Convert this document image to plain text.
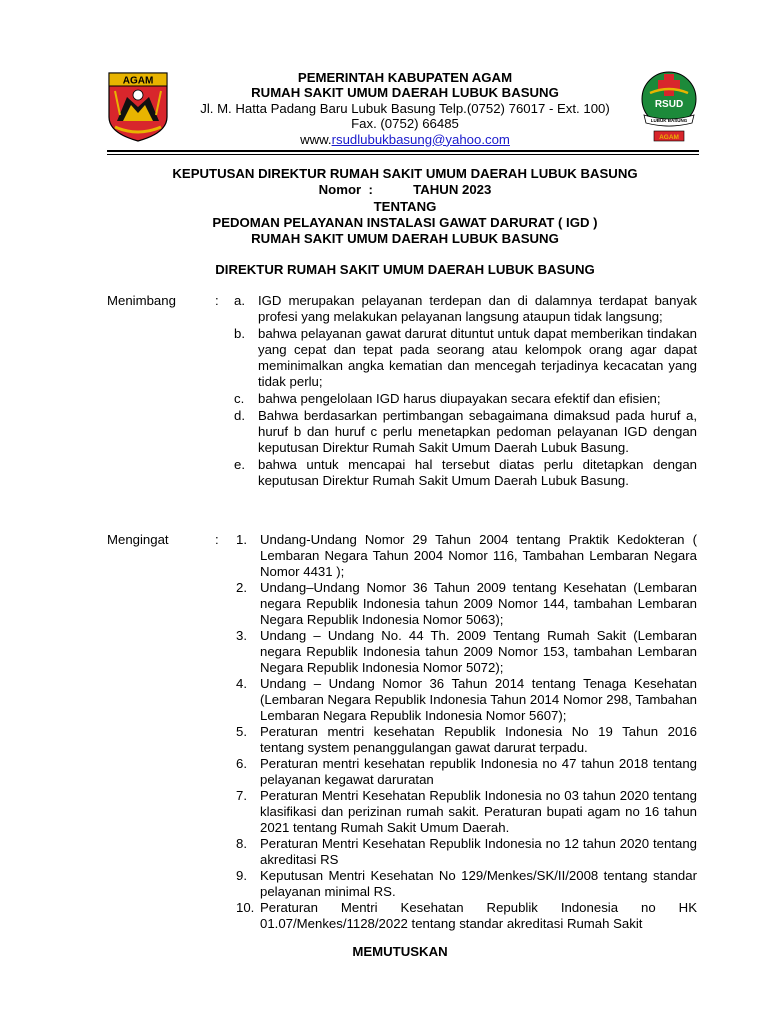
AGAM	PEMERINTAH KABUPATEN AGAM
RUMAH SAKIT UMUM DAERAH LUBUK BASUNG
Jl. M. Hatta Padang Baru Lubuk Basung Telp.(0752) 76017 - Ext. 100)
Fax. (0752) 66485
www.rsudlubukbasung@yahoo.com
RSUD
LUBUK BASUNG
AGAM
KEPUTUSAN DIREKTUR RUMAH SAKIT UMUM DAERAH LUBUK BASUNG
Nomor  :           TAHUN 2023
TENTANG
PEDOMAN PELAYANAN INSTALASI GAWAT DARURAT ( IGD )
RUMAH SAKIT UMUM DAERAH LUBUK BASUNG
DIREKTUR RUMAH SAKIT UMUM DAERAH LUBUK BASUNG
Menimbang	: a. IGD merupakan pelayanan terdepan dan di dalamnya terdapat banyak profesi yang melakukan pelayanan langsung ataupun tidak langsung;
b. bahwa pelayanan gawat darurat dituntut untuk dapat memberikan tindakan yang cepat dan tepat pada seorang atau kelompok orang agar dapat meminimalkan angka kematian dan mencegah terjadinya kecacatan yang tidak perlu;
c. bahwa pengelolaan IGD harus diupayakan secara efektif dan efisien;
d. Bahwa berdasarkan pertimbangan sebagaimana dimaksud pada huruf a, huruf b dan huruf c perlu menetapkan pedoman pelayanan IGD dengan keputusan Direktur Rumah Sakit Umum Daerah Lubuk Basung.
e. bahwa untuk mencapai hal tersebut diatas perlu ditetapkan dengan keputusan Direktur Rumah Sakit Umum Daerah Lubuk Basung.
Mengingat	: 1. Undang-Undang Nomor 29 Tahun 2004 tentang Praktik Kedokteran ( Lembaran Negara Tahun 2004 Nomor 116, Tambahan Lembaran Negara Nomor 4431 );
2. Undang–Undang Nomor 36 Tahun 2009 tentang Kesehatan (Lembaran negara Republik Indonesia tahun 2009 Nomor 144, tambahan Lembaran Negara Republik Indonesia Nomor 5063);
3. Undang – Undang No. 44 Th. 2009 Tentang Rumah Sakit (Lembaran negara Republik Indonesia tahun 2009 Nomor 153, tambahan Lembaran Negara Republik Indonesia Nomor 5072);
4. Undang – Undang Nomor 36 Tahun 2014 tentang Tenaga Kesehatan (Lembaran Negara Republik Indonesia Tahun 2014 Nomor 298, Tambahan Lembaran Negara Republik Indonesia Nomor 5607);
5. Peraturan mentri kesehatan Republik Indonesia No 19 Tahun 2016 tentang system penanggulangan gawat darurat terpadu.
6. Peraturan mentri kesehatan republik Indonesia no 47 tahun 2018 tentang pelayanan kegawat daruratan
7. Peraturan Mentri Kesehatan Republik Indonesia no 03 tahun 2020 tentang klasifikasi dan perizinan rumah sakit. Peraturan bupati agam no 16 tahun 2021 tentang Rumah Sakit Umum Daerah.
8. Peraturan Mentri Kesehatan Republik Indonesia no 12 tahun 2020 tentang akreditasi RS
9. Keputusan Mentri Kesehatan No 129/Menkes/SK/II/2008 tentang standar pelayanan minimal RS.
10. Peraturan Mentri Kesehatan Republik Indonesia no HK 01.07/Menkes/1128/2022 tentang standar akreditasi Rumah Sakit
MEMUTUSKAN
